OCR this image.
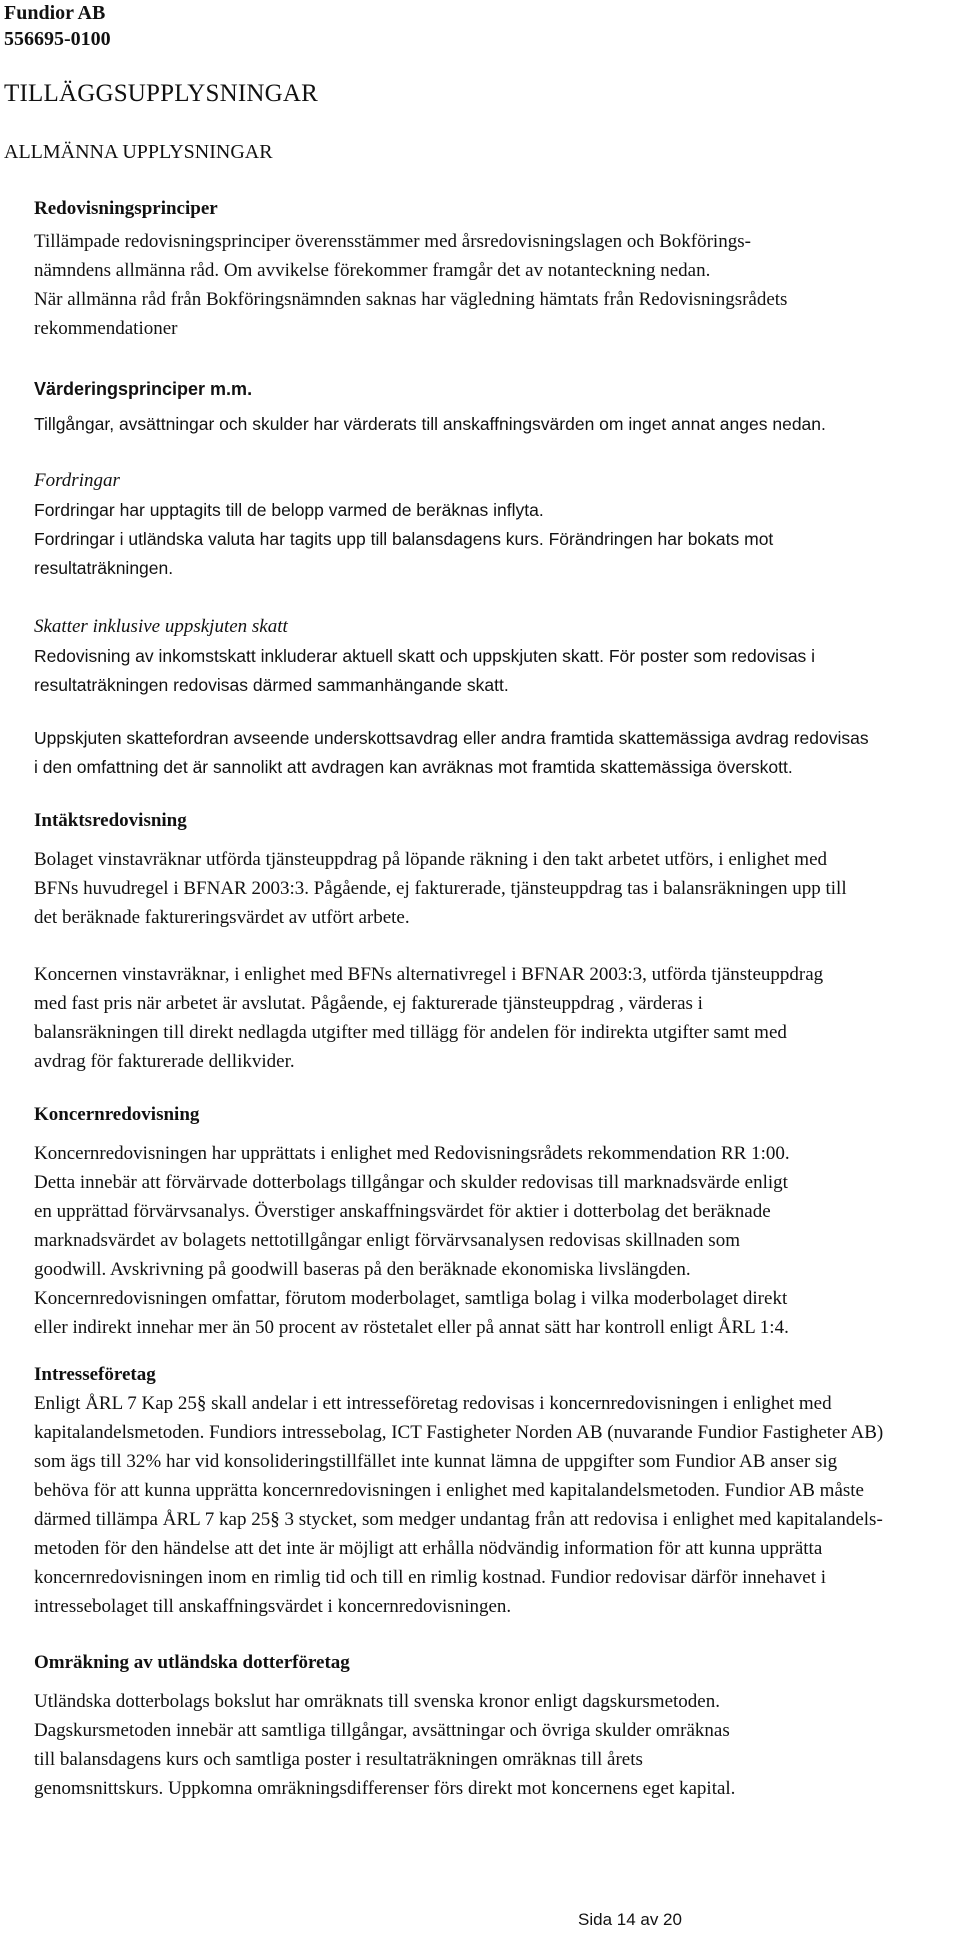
Fundior AB
556695-0100
TILLÄGGSUPPLYSNINGAR
ALLMÄNNA UPPLYSNINGAR
Redovisningsprinciper
Tillämpade redovisningsprinciper överensstämmer med årsredovisningslagen och Bokförings-
nämndens allmänna råd. Om avvikelse förekommer framgår det av notanteckning nedan.
När allmänna råd från Bokföringsnämnden saknas har vägledning hämtats från Redovisningsrådets
rekommendationer
Värderingsprinciper m.m.
Tillgångar, avsättningar och skulder har värderats till anskaffningsvärden om inget annat anges nedan.
Fordringar
Fordringar har upptagits till de belopp varmed de beräknas inflyta.
Fordringar i utländska valuta har tagits upp till balansdagens kurs. Förändringen har bokats mot
resultaträkningen.
Skatter inklusive uppskjuten skatt
Redovisning av inkomstskatt inkluderar aktuell skatt och uppskjuten skatt. För poster som redovisas i
resultaträkningen redovisas därmed sammanhängande skatt.
Uppskjuten skattefordran avseende underskottsavdrag eller andra framtida skattemässiga avdrag redovisas
i den omfattning det är sannolikt att avdragen kan avräknas mot framtida skattemässiga överskott.
Intäktsredovisning
Bolaget vinstavräknar utförda tjänsteuppdrag på löpande räkning i den takt arbetet utförs, i enlighet med
BFNs huvudregel i BFNAR 2003:3. Pågående, ej fakturerade, tjänsteuppdrag tas i balansräkningen upp till
det beräknade faktureringsvärdet av utfört arbete.
Koncernen vinstavräknar, i enlighet med BFNs alternativregel i BFNAR 2003:3, utförda tjänsteuppdrag
med fast pris när arbetet är avslutat. Pågående, ej fakturerade tjänsteuppdrag , värderas i
balansräkningen till direkt nedlagda utgifter med tillägg för andelen för indirekta utgifter samt med
avdrag för fakturerade dellikvider.
Koncernredovisning
Koncernredovisningen har upprättats i enlighet med Redovisningsrådets rekommendation RR 1:00.
Detta innebär att förvärvade dotterbolags tillgångar och skulder redovisas till marknadsvärde enligt
en upprättad förvärvsanalys. Överstiger anskaffningsvärdet för aktier i dotterbolag det beräknade
marknadsvärdet av bolagets nettotillgångar enligt förvärvsanalysen redovisas skillnaden som
goodwill. Avskrivning på goodwill baseras på den beräknade ekonomiska livslängden.
Koncernredovisningen omfattar, förutom moderbolaget, samtliga bolag i vilka moderbolaget direkt
eller indirekt innehar mer än 50 procent av röstetalet eller på annat sätt har kontroll enligt ÅRL 1:4.
Intresseföretag
Enligt ÅRL 7 Kap 25§ skall andelar i ett intresseföretag redovisas i koncernredovisningen i enlighet med
kapitalandelsmetoden. Fundiors intressebolag, ICT Fastigheter Norden AB (nuvarande Fundior Fastigheter AB)
som ägs till 32% har vid konsolideringstillfället inte kunnat lämna de uppgifter som Fundior AB anser sig
behöva för att kunna upprätta koncernredovisningen i enlighet med kapitalandelsmetoden. Fundior AB måste
därmed tillämpa ÅRL 7 kap 25§ 3 stycket, som medger undantag från att redovisa i enlighet med kapitalandels-
metoden för den händelse att det inte är möjligt att erhålla nödvändig information för att kunna upprätta
koncernredovisningen inom en rimlig tid och till en rimlig kostnad. Fundior redovisar därför innehavet i
intressebolaget till anskaffningsvärdet i koncernredovisningen.
Omräkning av utländska dotterföretag
Utländska dotterbolags bokslut har omräknats till svenska kronor enligt dagskursmetoden.
Dagskursmetoden innebär att samtliga tillgångar, avsättningar och övriga skulder omräknas
till balansdagens kurs och samtliga poster i resultaträkningen omräknas till årets
genomsnittskurs. Uppkomna omräkningsdifferenser förs direkt mot koncernens eget kapital.
Sida 14 av 20
